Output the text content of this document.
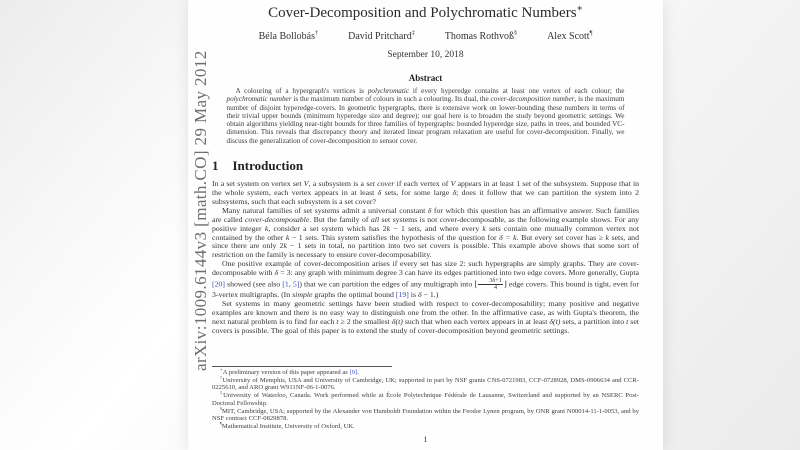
arXiv:1009.6144v3 [math.CO] 29 May 2012
Cover-Decomposition and Polychromatic Numbers∗
Béla Bollobás†	David Pritchard‡	Thomas Rothvoß§	Alex Scott¶
September 10, 2018
Abstract
A colouring of a hypergraph's vertices is polychromatic if every hyperedge contains at least one vertex of each colour; the polychromatic number is the maximum number of colours in such a colouring. Its dual, the cover-decomposition number, is the maximum number of disjoint hyperedge-covers. In geometric hypergraphs, there is extensive work on lower-bounding these numbers in terms of their trivial upper bounds (minimum hyperedge size and degree); our goal here is to broaden the study beyond geometric settings. We obtain algorithms yielding near-tight bounds for three families of hypergraphs: bounded hyperedge size, paths in trees, and bounded VC-dimension. This reveals that discrepancy theory and iterated linear program relaxation are useful for cover-decomposition. Finally, we discuss the generalization of cover-decomposition to sensor cover.
1 Introduction

In a set system on vertex set V, a subsystem is a set cover if each vertex of V appears in at least 1 set of the subsystem. Suppose that in the whole system, each vertex appears in at least δ sets, for some large δ; does it follow that we can partition the system into 2 subsystems, such that each subsystem is a set cover?

Many natural families of set systems admit a universal constant δ for which this question has an affirmative answer. Such families are called cover-decomposable. But the family of all set systems is not cover-decomposable, as the following example shows. For any positive integer k, consider a set system which has 2k − 1 sets, and where every k sets contain one mutually common vertex not contained by the other k − 1 sets. This system satisfies the hypothesis of the question for δ = k. But every set cover has ≥ k sets, and since there are only 2k − 1 sets in total, no partition into two set covers is possible. This example above shows that some sort of restriction on the family is necessary to ensure cover-decomposability.

One positive example of cover-decomposition arises if every set has size 2: such hypergraphs are simply graphs. They are cover-decomposable with δ = 3: any graph with minimum degree 3 can have its edges partitioned into two edge covers. More generally, Gupta [20] showed (see also [1, 5]) that we can partition the edges of any multigraph into ⌊ $\frac{3\delta+1}{4}$ ⌋ edge covers. This bound is tight, even for 3-vertex multigraphs. (In simple graphs the optimal bound [19] is δ − 1.)

Set systems in many geometric settings have been studied with respect to cover-decomposability; many positive and negative examples are known and there is no easy way to distinguish one from the other. In the affirmative case, as with Gupta's theorem, the next natural problem is to find for each t ≥ 2 the smallest δ(t) such that when each vertex appears in at least δ(t) sets, a partition into t set covers is possible. The goal of this paper is to extend the study of cover-decomposition beyond geometric settings.

∗A preliminary version of this paper appeared as [9].

†University of Memphis, USA and University of Cambridge, UK; supported in part by NSF grants CNS-0721983, CCF-0728928, DMS-0906634 and CCR-0225610, and ARO grant W911NF-06-1-0076.

‡University of Waterloo, Canada. Work performed while at École Polytechnique Fédérale de Lausanne, Switzerland and supported by an NSERC Post-Doctoral Fellowship.

§MIT, Cambridge, USA; supported by the Alexander von Humboldt Foundation within the Feodor Lynen program, by ONR grant N00014-11-1-0053, and by NSF contract CCF-0829878.

¶Mathematical Institute, University of Oxford, UK.

1
